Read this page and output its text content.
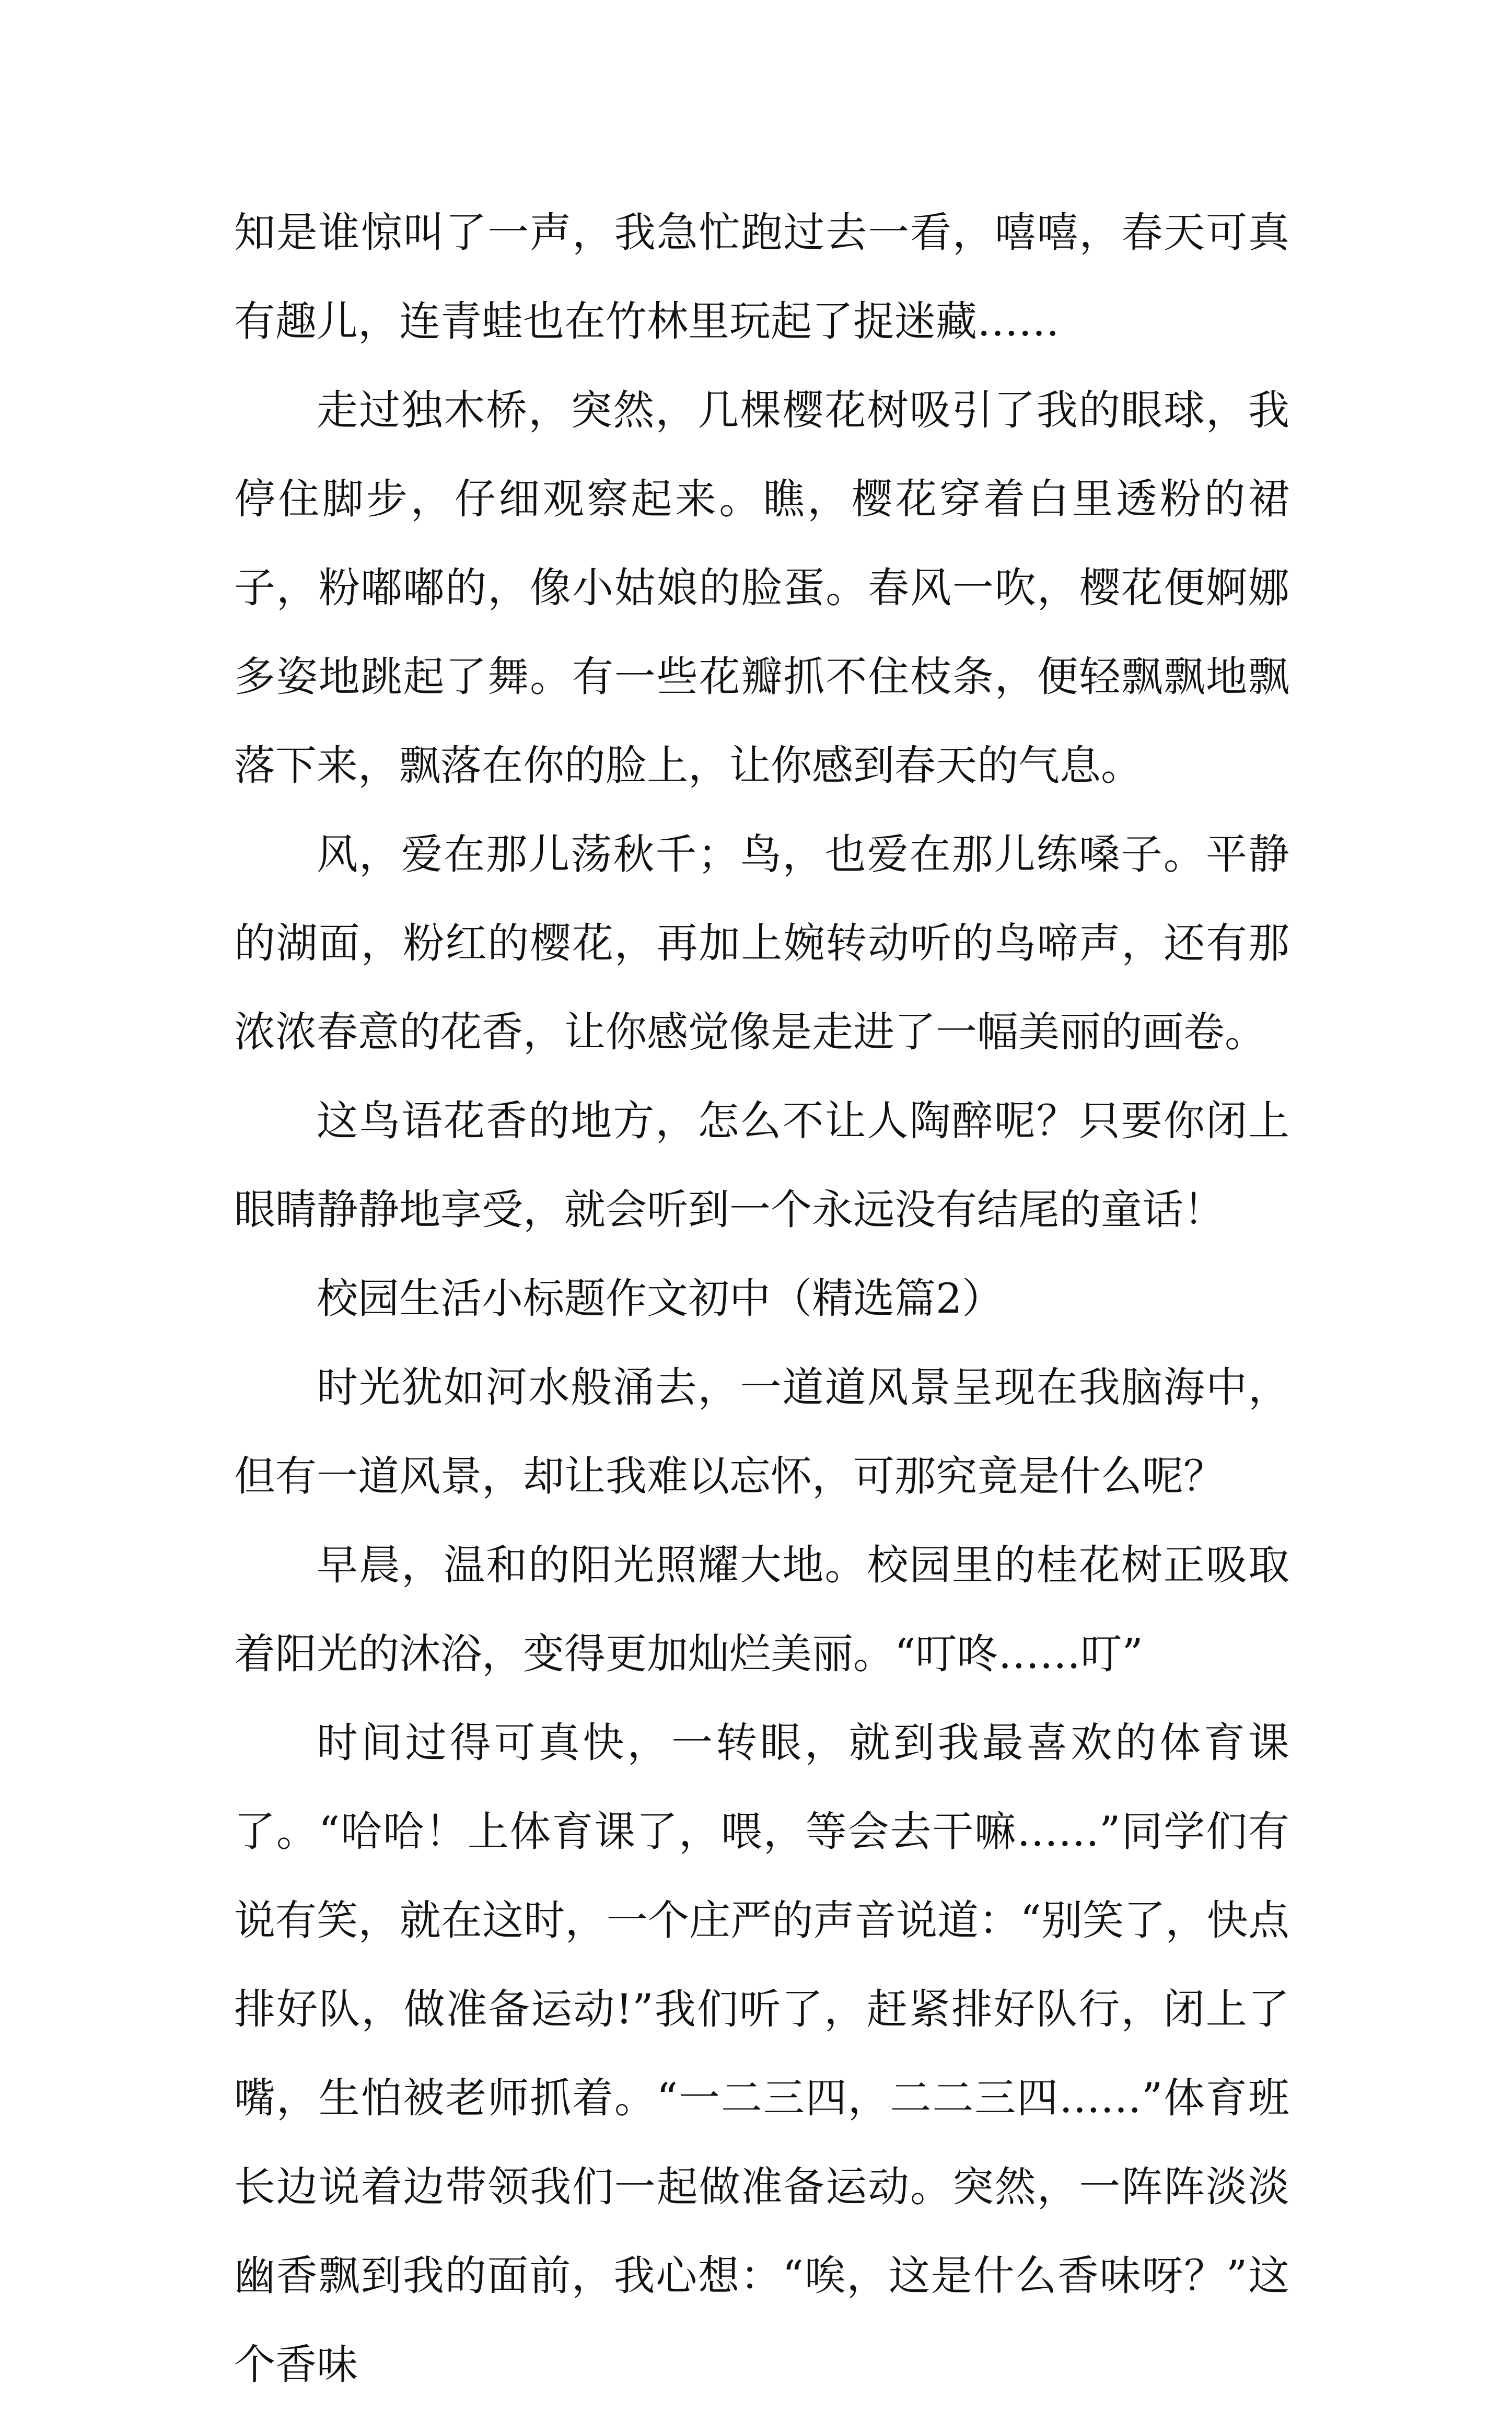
知是谁惊叫了一声，我急忙跑过去一看，嘻嘻，春天可真有趣儿，连青蛙也在竹林里玩起了捉迷藏……

走过独木桥，突然，几棵樱花树吸引了我的眼球，我停住脚步，仔细观察起来。瞧，樱花穿着白里透粉的裙子，粉嘟嘟的，像小姑娘的脸蛋。春风一吹，樱花便婀娜多姿地跳起了舞。有一些花瓣抓不住枝条，便轻飘飘地飘落下来，飘落在你的脸上，让你感到春天的气息。

风，爱在那儿荡秋千；鸟，也爱在那儿练嗓子。平静的湖面，粉红的樱花，再加上婉转动听的鸟啼声，还有那浓浓春意的花香，让你感觉像是走进了一幅美丽的画卷。

这鸟语花香的地方，怎么不让人陶醉呢？只要你闭上眼睛静静地享受，就会听到一个永远没有结尾的童话！

校园生活小标题作文初中（精选篇2）

时光犹如河水般涌去，一道道风景呈现在我脑海中，但有一道风景，却让我难以忘怀，可那究竟是什么呢？

早晨，温和的阳光照耀大地。校园里的桂花树正吸取着阳光的沐浴，变得更加灿烂美丽。“叮咚……叮”

时间过得可真快，一转眼，就到我最喜欢的体育课了。“哈哈！上体育课了，喂，等会去干嘛……”同学们有说有笑，就在这时，一个庄严的声音说道：“别笑了，快点排好队，做准备运动!”我们听了，赶紧排好队行，闭上了嘴，生怕被老师抓着。“一二三四，二二三四……”体育班长边说着边带领我们一起做准备运动。突然，一阵阵淡淡幽香飘到我的面前，我心想：“唉，这是什么香味呀？”这个香味
